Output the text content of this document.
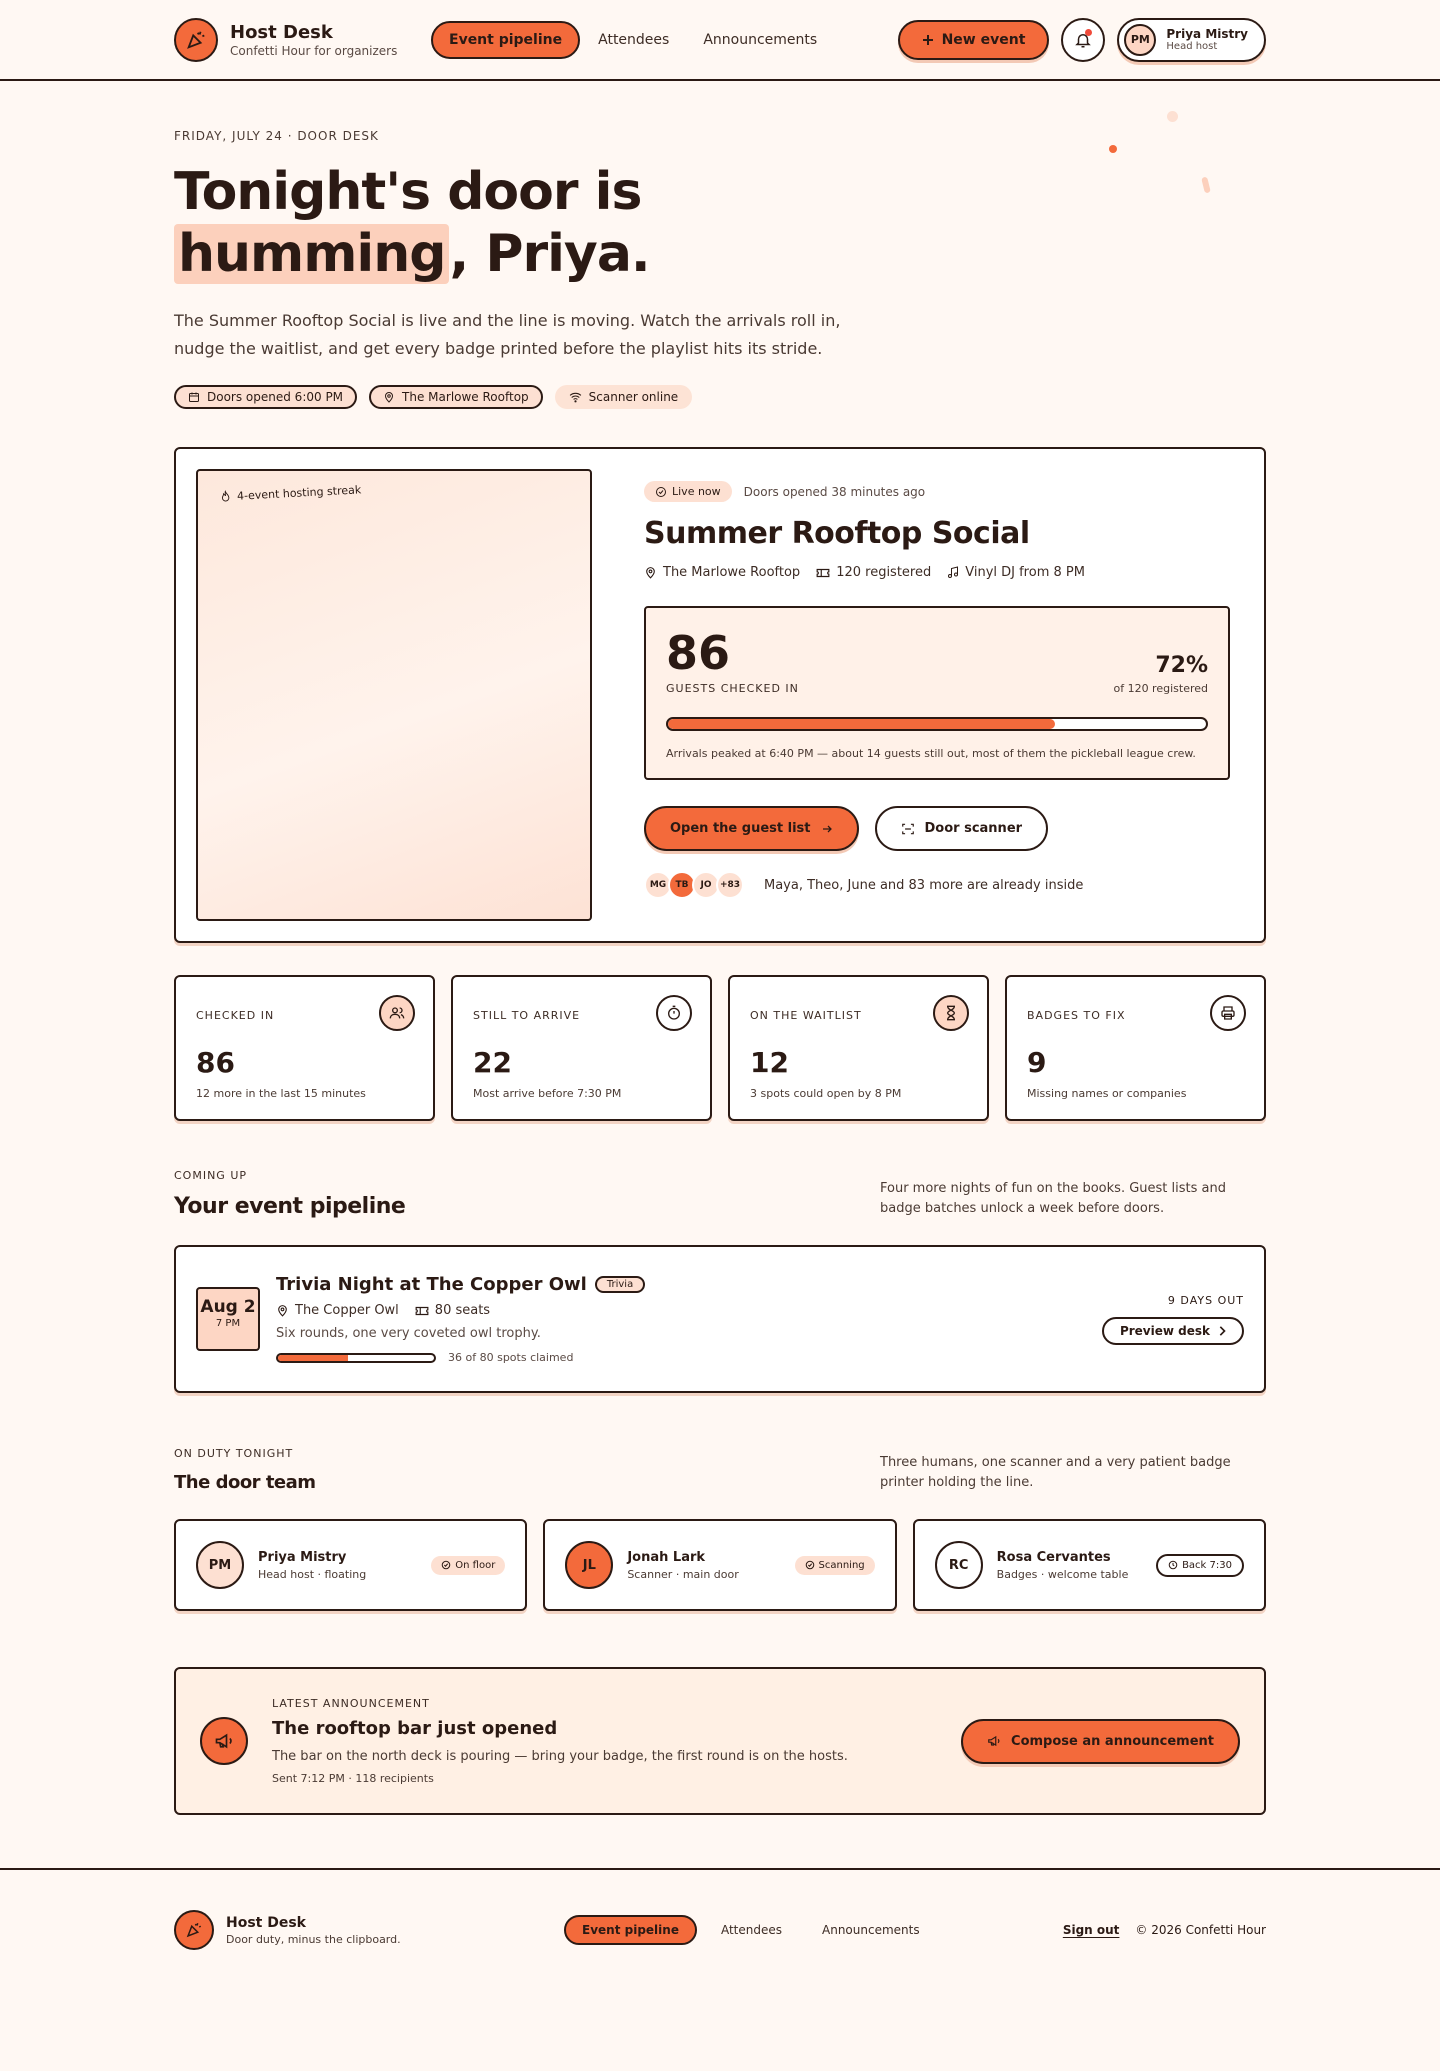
Host Desk
Confetti Hour for organizers
Event pipeline	Attendees Announcements	New event	PM	Priya Mistry
Head host
FRIDAY, JULY 24 · DOOR DESK
Tonight's door is humming, Priya.

The Summer Rooftop Social is live and the line is moving. Watch the arrivals roll in, nudge the waitlist, and get every badge printed before the playlist hits its stride.

Doors opened 6:00 PM	The Marlowe Rooftop	Scanner online
4-event hosting streak	Live now Doors opened 38 minutes ago
Summer Rooftop Social
The Marlowe Rooftop	120 registered	Vinyl DJ from 8 PM
86
GUESTS CHECKED IN
72%
of 120 registered
Arrivals peaked at 6:40 PM — about 14 guests still out, most of them the pickleball league crew.
Open the guest list	Door scanner
MG	TB	JO +83	Maya, Theo, June and 83 more are already inside
CHECKED IN
86
12 more in the last 15 minutes
STILL TO ARRIVE
22
Most arrive before 7:30 PM
ON THE WAITLIST
12
3 spots could open by 8 PM
BADGES TO FIX
9
Missing names or companies
COMING UP
Your event pipeline
Four more nights of fun on the books. Guest lists and badge batches unlock a week before doors.
Aug 2
7 PM
Trivia Night at The Copper Owl	Trivia
The Copper Owl	80 seats
Six rounds, one very coveted owl trophy.
36 of 80 spots claimed
9 DAYS OUT
Preview desk
ON DUTY TONIGHT
The door team
Three humans, one scanner and a very patient badge printer holding the line.
PM
Priya Mistry
Head host · floating
On floor	JL
Jonah Lark
Scanner · main door
Scanning	RC
Rosa Cervantes
Badges · welcome table
Back 7:30
LATEST ANNOUNCEMENT
The rooftop bar just opened
The bar on the north deck is pouring — bring your badge, the first round is on the hosts.
Sent 7:12 PM · 118 recipients
Compose an announcement
Host Desk
Door duty, minus the clipboard.
Event pipeline	Attendees	Announcements	Sign out © 2026 Confetti Hour
